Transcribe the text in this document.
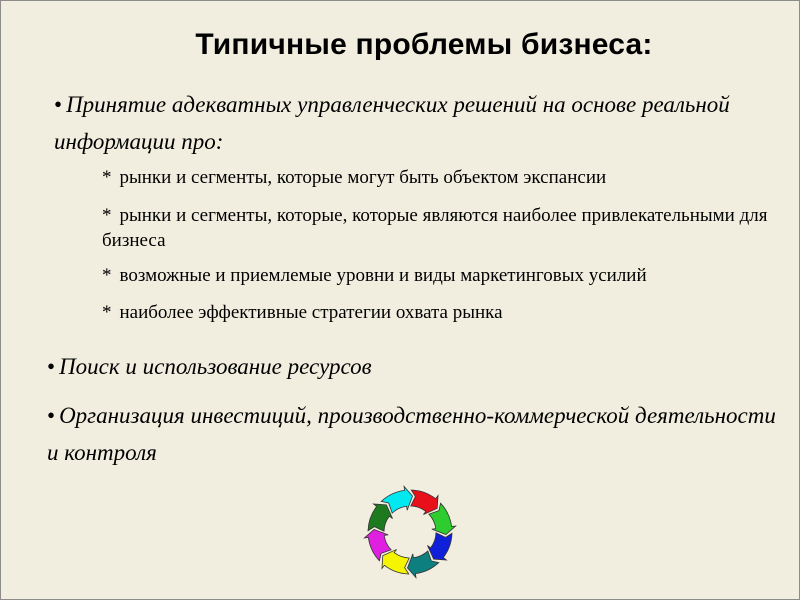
Типичные проблемы бизнеса:
• Принятие адекватных управленческих решений на основе реальной информации про:
* рынки и сегменты, которые могут быть объектом экспансии
* рынки и сегменты, которые, которые являются наиболее привлекательными для бизнеса
* возможные и приемлемые уровни и виды маркетинговых усилий
* наиболее эффективные стратегии охвата рынка
• Поиск и использование ресурсов
• Организация инвестиций, производственно-коммерческой деятельности и контроля
